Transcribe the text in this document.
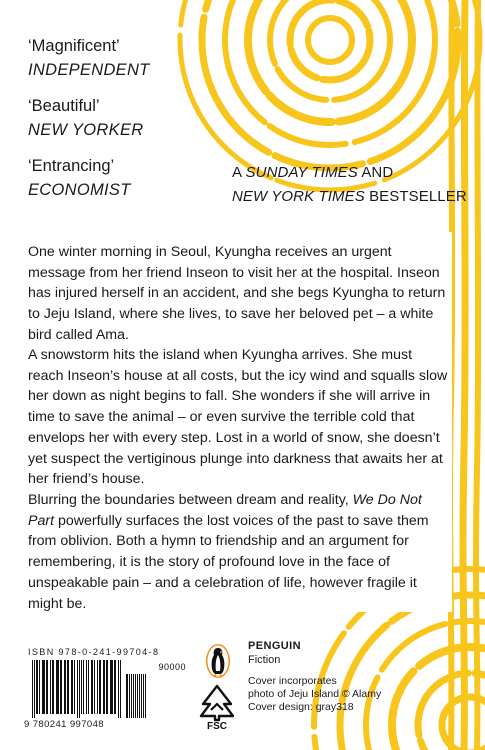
‘Magnificent’
INDEPENDENT
‘Beautiful’
NEW YORKER
‘Entrancing’
ECONOMIST
A SUNDAY TIMES AND
NEW YORK TIMES BESTSELLER

One winter morning in Seoul, Kyungha receives an urgent message from her friend Inseon to visit her at the hospital. Inseon has injured herself in an accident, and she begs Kyungha to return to Jeju Island, where she lives, to save her beloved pet – a white bird called Ama.

A snowstorm hits the island when Kyungha arrives. She must reach Inseon’s house at all costs, but the icy wind and squalls slow her down as night begins to fall. She wonders if she will arrive in time to save the animal – or even survive the terrible cold that envelops her with every step. Lost in a world of snow, she doesn’t yet suspect the vertiginous plunge into darkness that awaits her at her friend’s house.

Blurring the boundaries between dream and reality, We Do Not Part powerfully surfaces the lost voices of the past to save them from oblivion. Both a hymn to friendship and an argument for remembering, it is the story of profound love in the face of unspeakable pain – and a celebration of life, however fragile it might be.

ISBN 978-0-241-99704-8
90000
9 780241 997048	FSC
PENGUIN
Fiction
Cover incorporates
photo of Jeju Island © Alamy
Cover design: gray318
